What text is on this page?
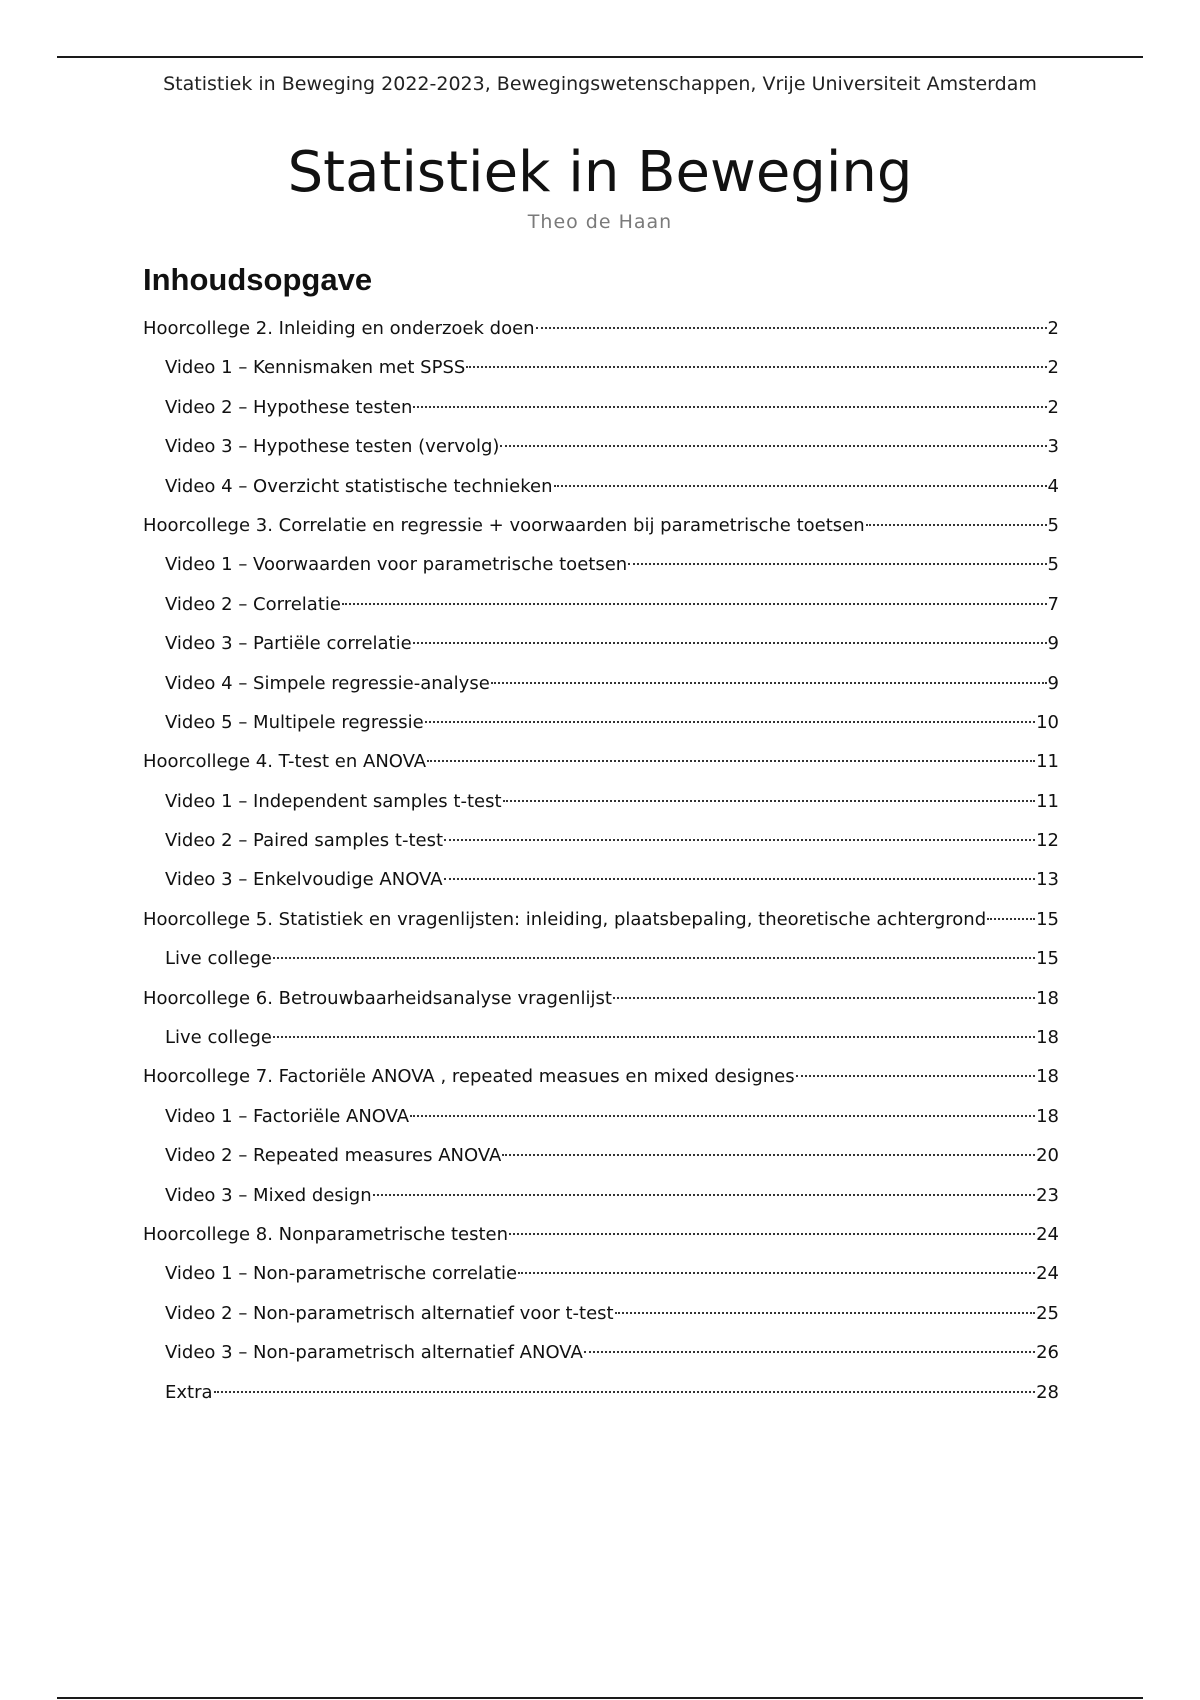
Statistiek in Beweging 2022-2023, Bewegingswetenschappen, Vrije Universiteit Amsterdam
Statistiek in Beweging
Theo de Haan
Inhoudsopgave
Hoorcollege 2. Inleiding en onderzoek doen	2
Video 1 – Kennismaken met SPSS	2
Video 2 – Hypothese testen	2
Video 3 – Hypothese testen (vervolg)	3
Video 4 – Overzicht statistische technieken	4
Hoorcollege 3. Correlatie en regressie + voorwaarden bij parametrische toetsen	5
Video 1 – Voorwaarden voor parametrische toetsen	5
Video 2 – Correlatie	7
Video 3 – Partiële correlatie	9
Video 4 – Simpele regressie-analyse	9
Video 5 – Multipele regressie	10
Hoorcollege 4. T-test en ANOVA	11
Video 1 – Independent samples t-test	11
Video 2 – Paired samples t-test	12
Video 3 – Enkelvoudige ANOVA	13
Hoorcollege 5. Statistiek en vragenlijsten: inleiding, plaatsbepaling, theoretische achtergrond	15
Live college	15
Hoorcollege 6. Betrouwbaarheidsanalyse vragenlijst	18
Live college	18
Hoorcollege 7. Factoriële ANOVA , repeated measues en mixed designes	18
Video 1 – Factoriële ANOVA	18
Video 2 – Repeated measures ANOVA	20
Video 3 – Mixed design	23
Hoorcollege 8. Nonparametrische testen	24
Video 1 – Non-parametrische correlatie	24
Video 2 – Non-parametrisch alternatief voor t-test	25
Video 3 – Non-parametrisch alternatief ANOVA	26
Extra	28
